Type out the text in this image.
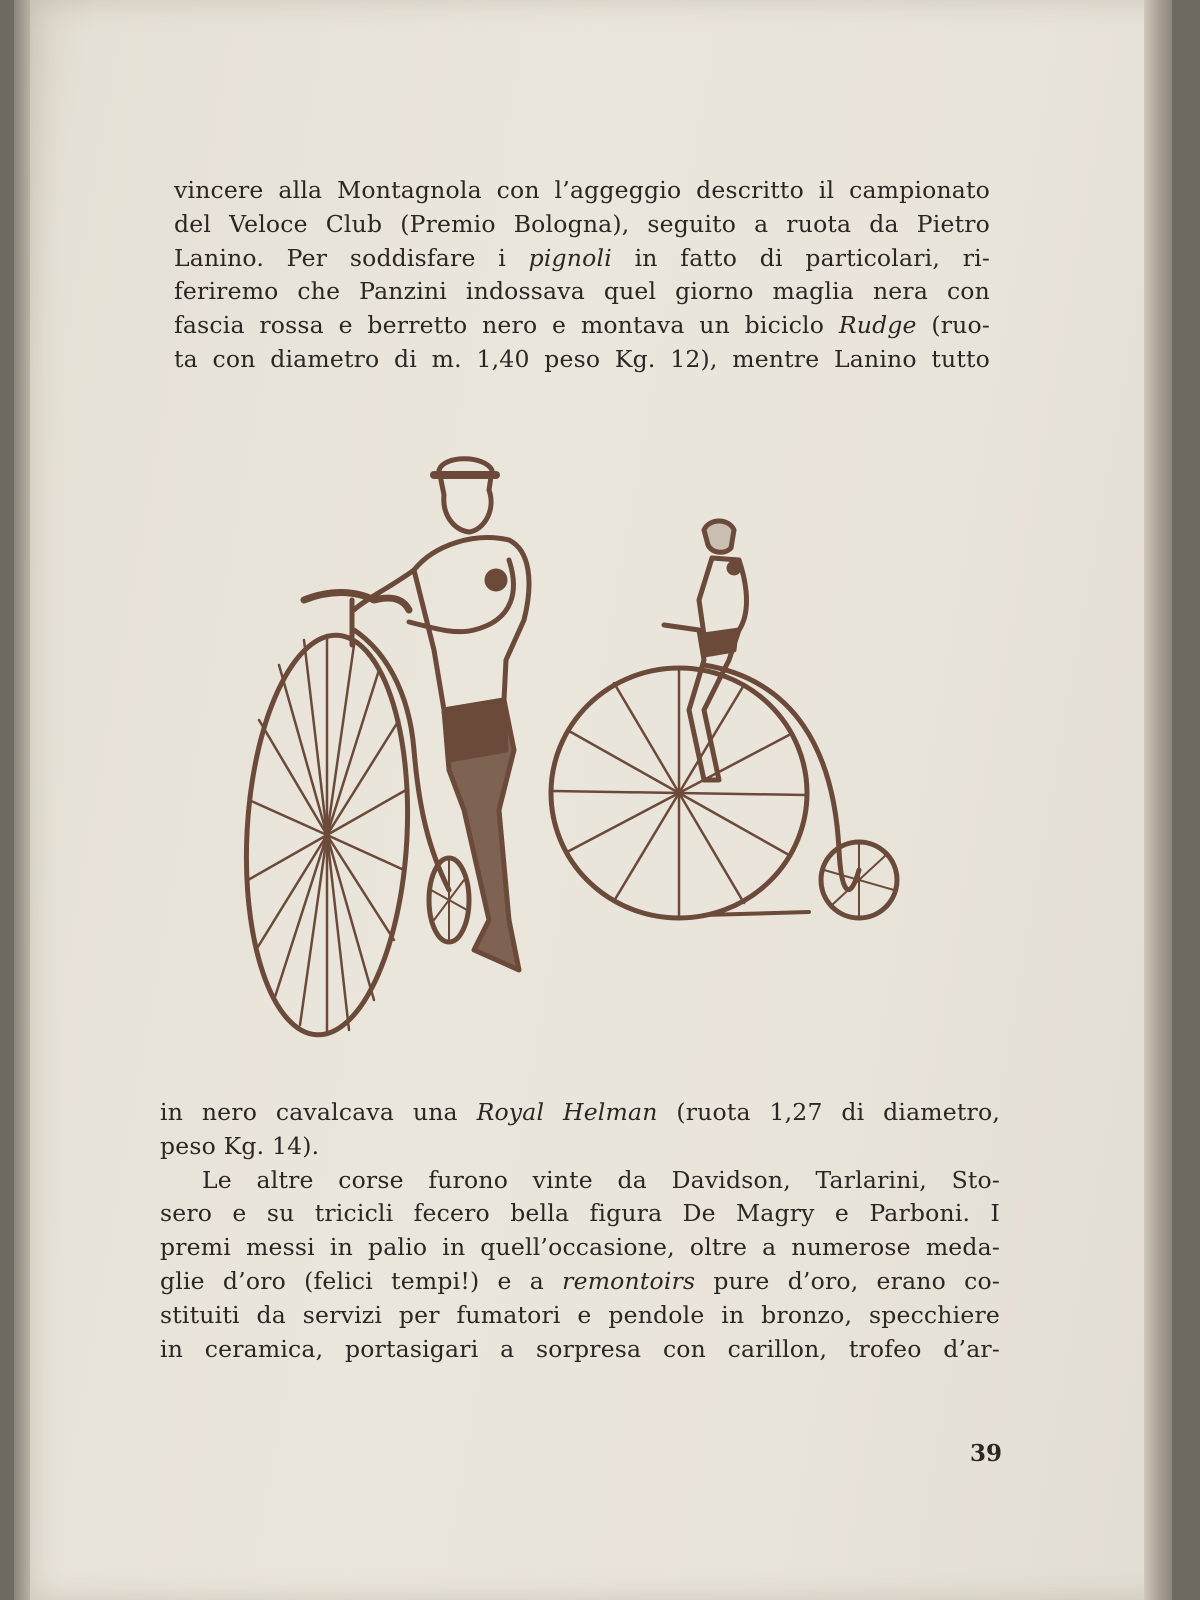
vincere alla Montagnola con l’aggeggio descritto il campionato
del Veloce Club (Premio Bologna), seguito a ruota da Pietro
Lanino. Per soddisfare i pignoli in fatto di particolari, ri-
feriremo che Panzini indossava quel giorno maglia nera con
fascia rossa e berretto nero e montava un biciclo Rudge (ruo-
ta con diametro di m. 1,40 peso Kg. 12), mentre Lanino tutto
in nero cavalcava una Royal Helman (ruota 1,27 di diametro,
peso Kg. 14).
Le altre corse furono vinte da Davidson, Tarlarini, Sto-
sero e su tricicli fecero bella figura De Magry e Parboni. I
premi messi in palio in quell’occasione, oltre a numerose meda-
glie d’oro (felici tempi!) e a remontoirs pure d’oro, erano co-
stituiti da servizi per fumatori e pendole in bronzo, specchiere
in ceramica, portasigari a sorpresa con carillon, trofeo d’ar-
39
